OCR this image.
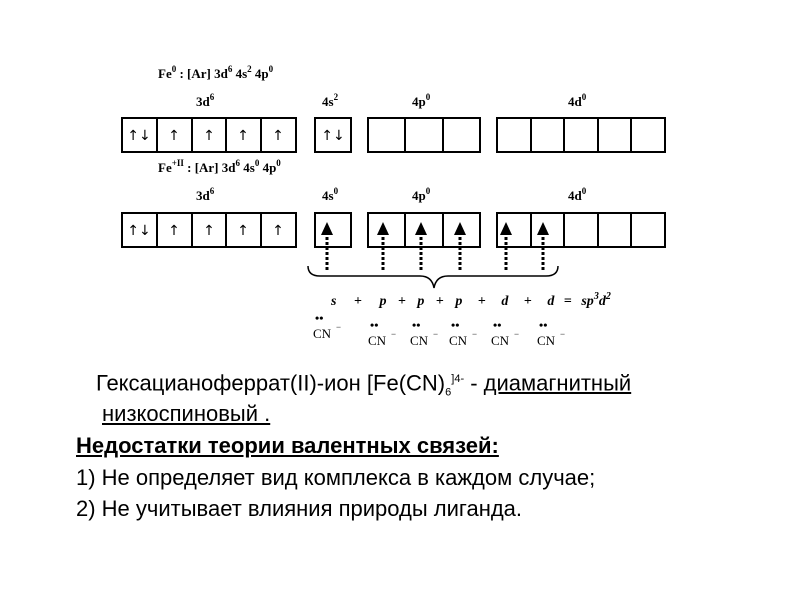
Fe$^0$ : [Ar] $3d^6$ $4s^2$ $4p^0$
$3d^6$	$4s^2$	$4p^0$	$4d^0$
↑↓ ↑ ↑ ↑ ↑	↑↓
$Fe^{+II}$ : [Ar] $3d^6$ $4s^0$ $4p^0$
$3d^6$	$4s^0$	$4p^0$	$4d^0$
↑↓ ↑ ↑ ↑ ↑
$s + p + p + p + d + d = sp^3d^2$
••
CN − ••
CN −
••
CN −
••
CN −
••
CN −
••
CN −
Гексацианоферрат(II)-ион [$Fe(CN)_6^{]4-}$ - диамагнитный
низкоспиновый .
Недостатки теории валентных связей:
1) Не определяет вид комплекса в каждом случае;
2) Не учитывает влияния природы лиганда.
